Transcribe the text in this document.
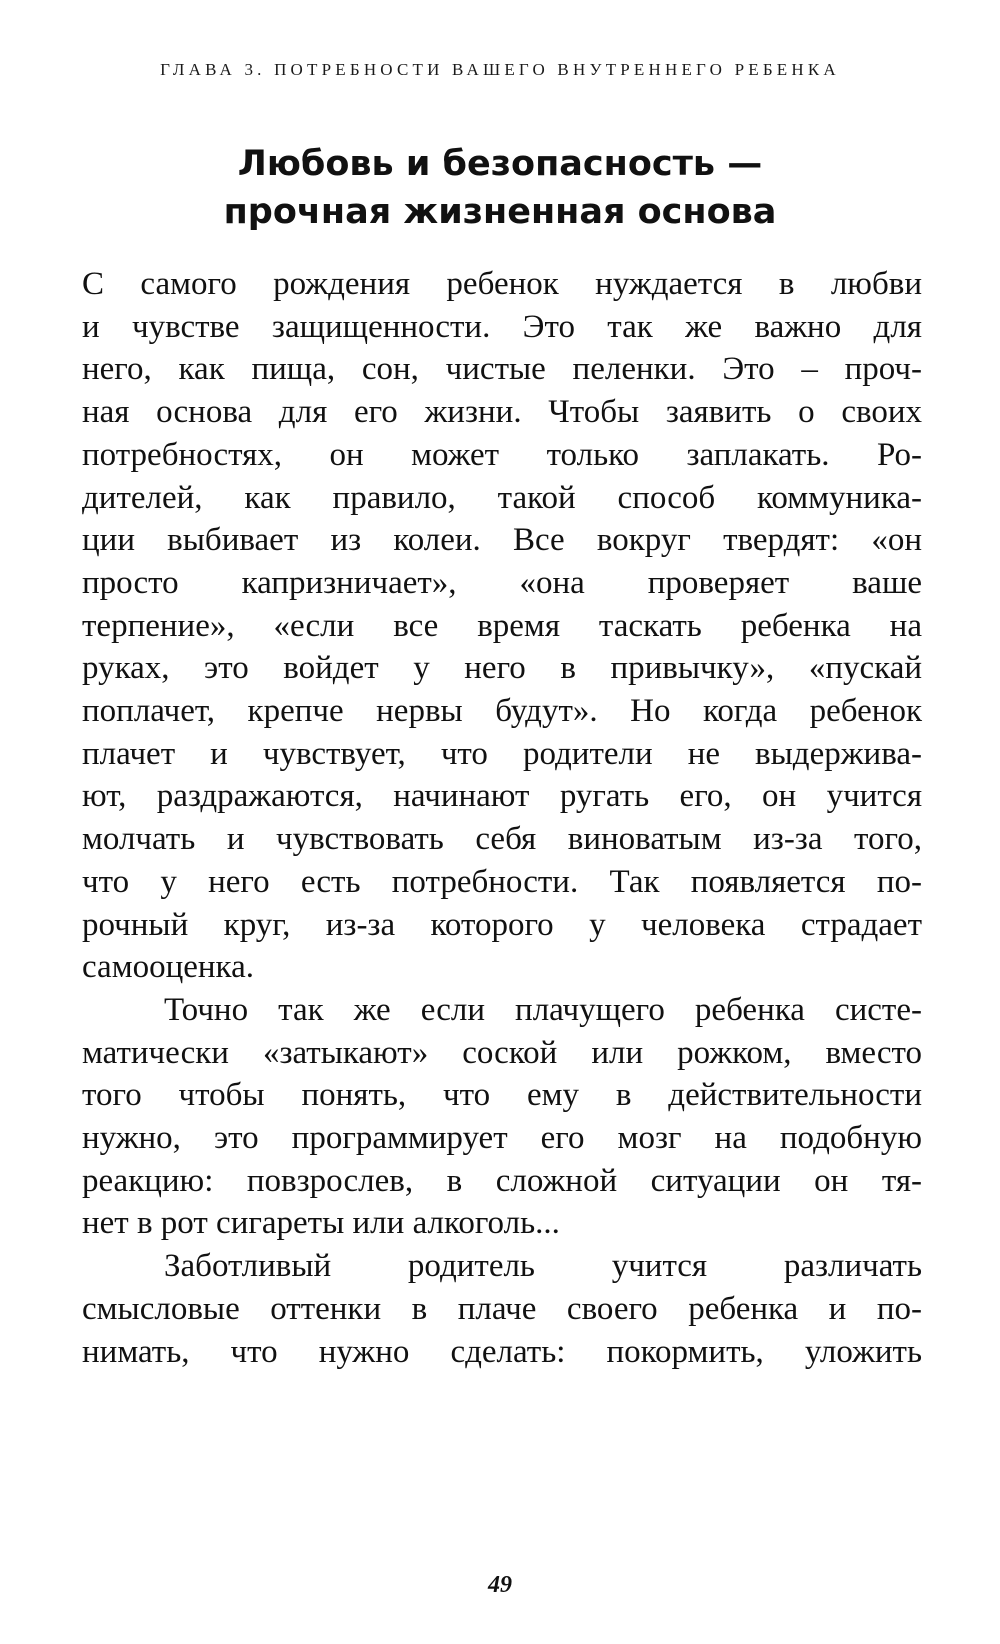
ГЛАВА 3. ПОТРЕБНОСТИ ВАШЕГО ВНУТРЕННЕГО РЕБЕНКА
Любовь и безопасность —
прочная жизненная основа
С самого рождения ребенок нуждается в любви
и чувстве защищенности. Это так же важно для
него, как пища, сон, чистые пеленки. Это – проч-
ная основа для его жизни. Чтобы заявить о своих
потребностях, он может только заплакать. Ро-
дителей, как правило, такой способ коммуника-
ции выбивает из колеи. Все вокруг твердят: «он
просто капризничает», «она проверяет ваше
терпение», «если все время таскать ребенка на
руках, это войдет у него в привычку», «пускай
поплачет, крепче нервы будут». Но когда ребенок
плачет и чувствует, что родители не выдержива-
ют, раздражаются, начинают ругать его, он учится
молчать и чувствовать себя виноватым из-за того,
что у него есть потребности. Так появляется по-
рочный круг, из-за которого у человека страдает
самооценка.
Точно так же если плачущего ребенка систе-
матически «затыкают» соской или рожком, вместо
того чтобы понять, что ему в действительности
нужно, это программирует его мозг на подобную
реакцию: повзрослев, в сложной ситуации он тя-
нет в рот сигареты или алкоголь...
Заботливый родитель учится различать
смысловые оттенки в плаче своего ребенка и по-
нимать, что нужно сделать: покормить, уложить
49
